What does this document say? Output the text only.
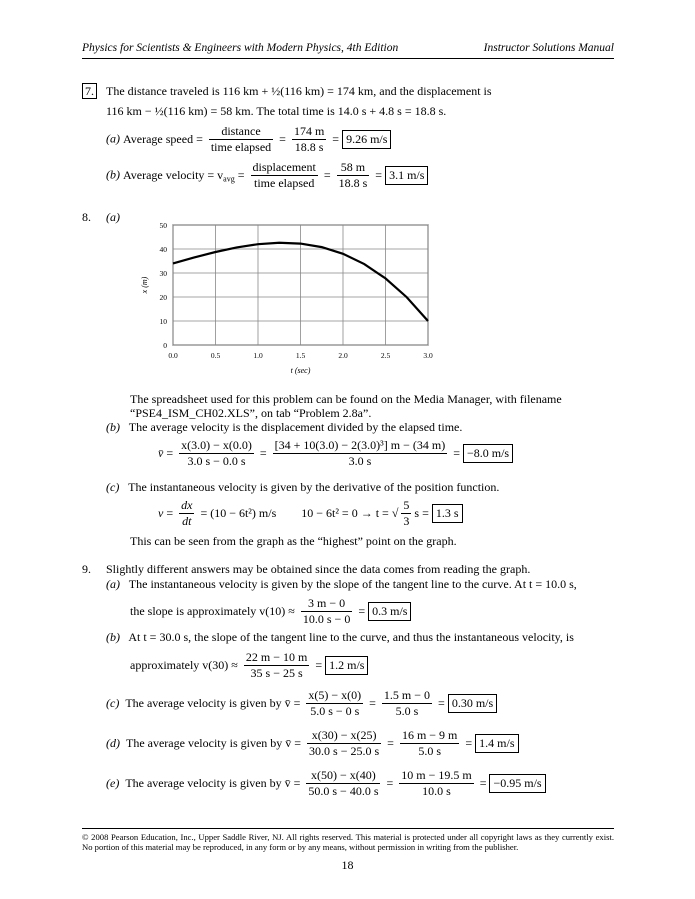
Physics for Scientists & Engineers with Modern Physics, 4th Edition	Instructor Solutions Manual
7. The distance traveled is 116 km + ½(116 km) = 174 km, and the displacement is
116 km − ½(116 km) = 58 km. The total time is 14.0 s + 4.8 s = 18.8 s.
(a) Average speed = $\frac{\text{distance}}{\text{time elapsed}} = \frac{174 m}{18.8 s} = 9.26$ m/s
(b) Average velocity = $v_{avg} = \frac{\text{displacement}}{\text{time elapsed}} = \frac{58 m}{18.8 s} = 3.1$ m/s
8. (a)
0
10
20
30
40
50
0.0	0.5	1.0	1.5	2.0	2.5	3.0
t (sec)
x (m)
The spreadsheet used for this problem can be found on the Media Manager, with filename
“PSE4_ISM_CH02.XLS”, on tab “Problem 2.8a”.
(b) The average velocity is the displacement divided by the elapsed time.
v̄ = $\frac{x(3.0) - x(0.0)}{3.0 s - 0.0 s} = \frac{\text{[34 + 10(3.0) − 2(3.0)³] m − (34 m)}}{3.0 s} = -8.0$ m/s
(c) The instantaneous velocity is given by the derivative of the position function.
$v = \frac{dx}{dt} = (10 - 6t^2)$ m/s 10 − 6t² = 0 → t = √ $\frac{5}{3}$ s = 1.3 s
This can be seen from the graph as the “highest” point on the graph.
9. Slightly different answers may be obtained since the data comes from reading the graph.
(a) The instantaneous velocity is given by the slope of the tangent line to the curve. At t = 10.0 s,
the slope is approximately $v(10) \approx \frac{3 m - 0}{10.0 s - 0} = 0.3$ m/s
(b) At t = 30.0 s, the slope of the tangent line to the curve, and thus the instantaneous velocity, is
approximately $v(30) \approx \frac{22 m - 10 m}{35 s - 25 s} = 1.2$ m/s
(c) The average velocity is given by v̄ = $\frac{x(5) - x(0)}{5.0 s - 0 s} = \frac{1.5 m - 0}{5.0 s} = 0.30$ m/s
(d) The average velocity is given by v̄ = $\frac{x(30) - x(25)}{30.0 s - 25.0 s} = \frac{16 m - 9 m}{5.0 s} = 1.4$ m/s
(e) The average velocity is given by v̄ = $\frac{x(50) - x(40)}{50.0 s - 40.0 s} = \frac{10 m - 19.5 m}{10.0 s} = -0.95$ m/s
© 2008 Pearson Education, Inc., Upper Saddle River, NJ. All rights reserved. This material is protected under all copyright laws as they currently exist. No portion of this material may be reproduced, in any form or by any means, without permission in writing from the publisher.
18
